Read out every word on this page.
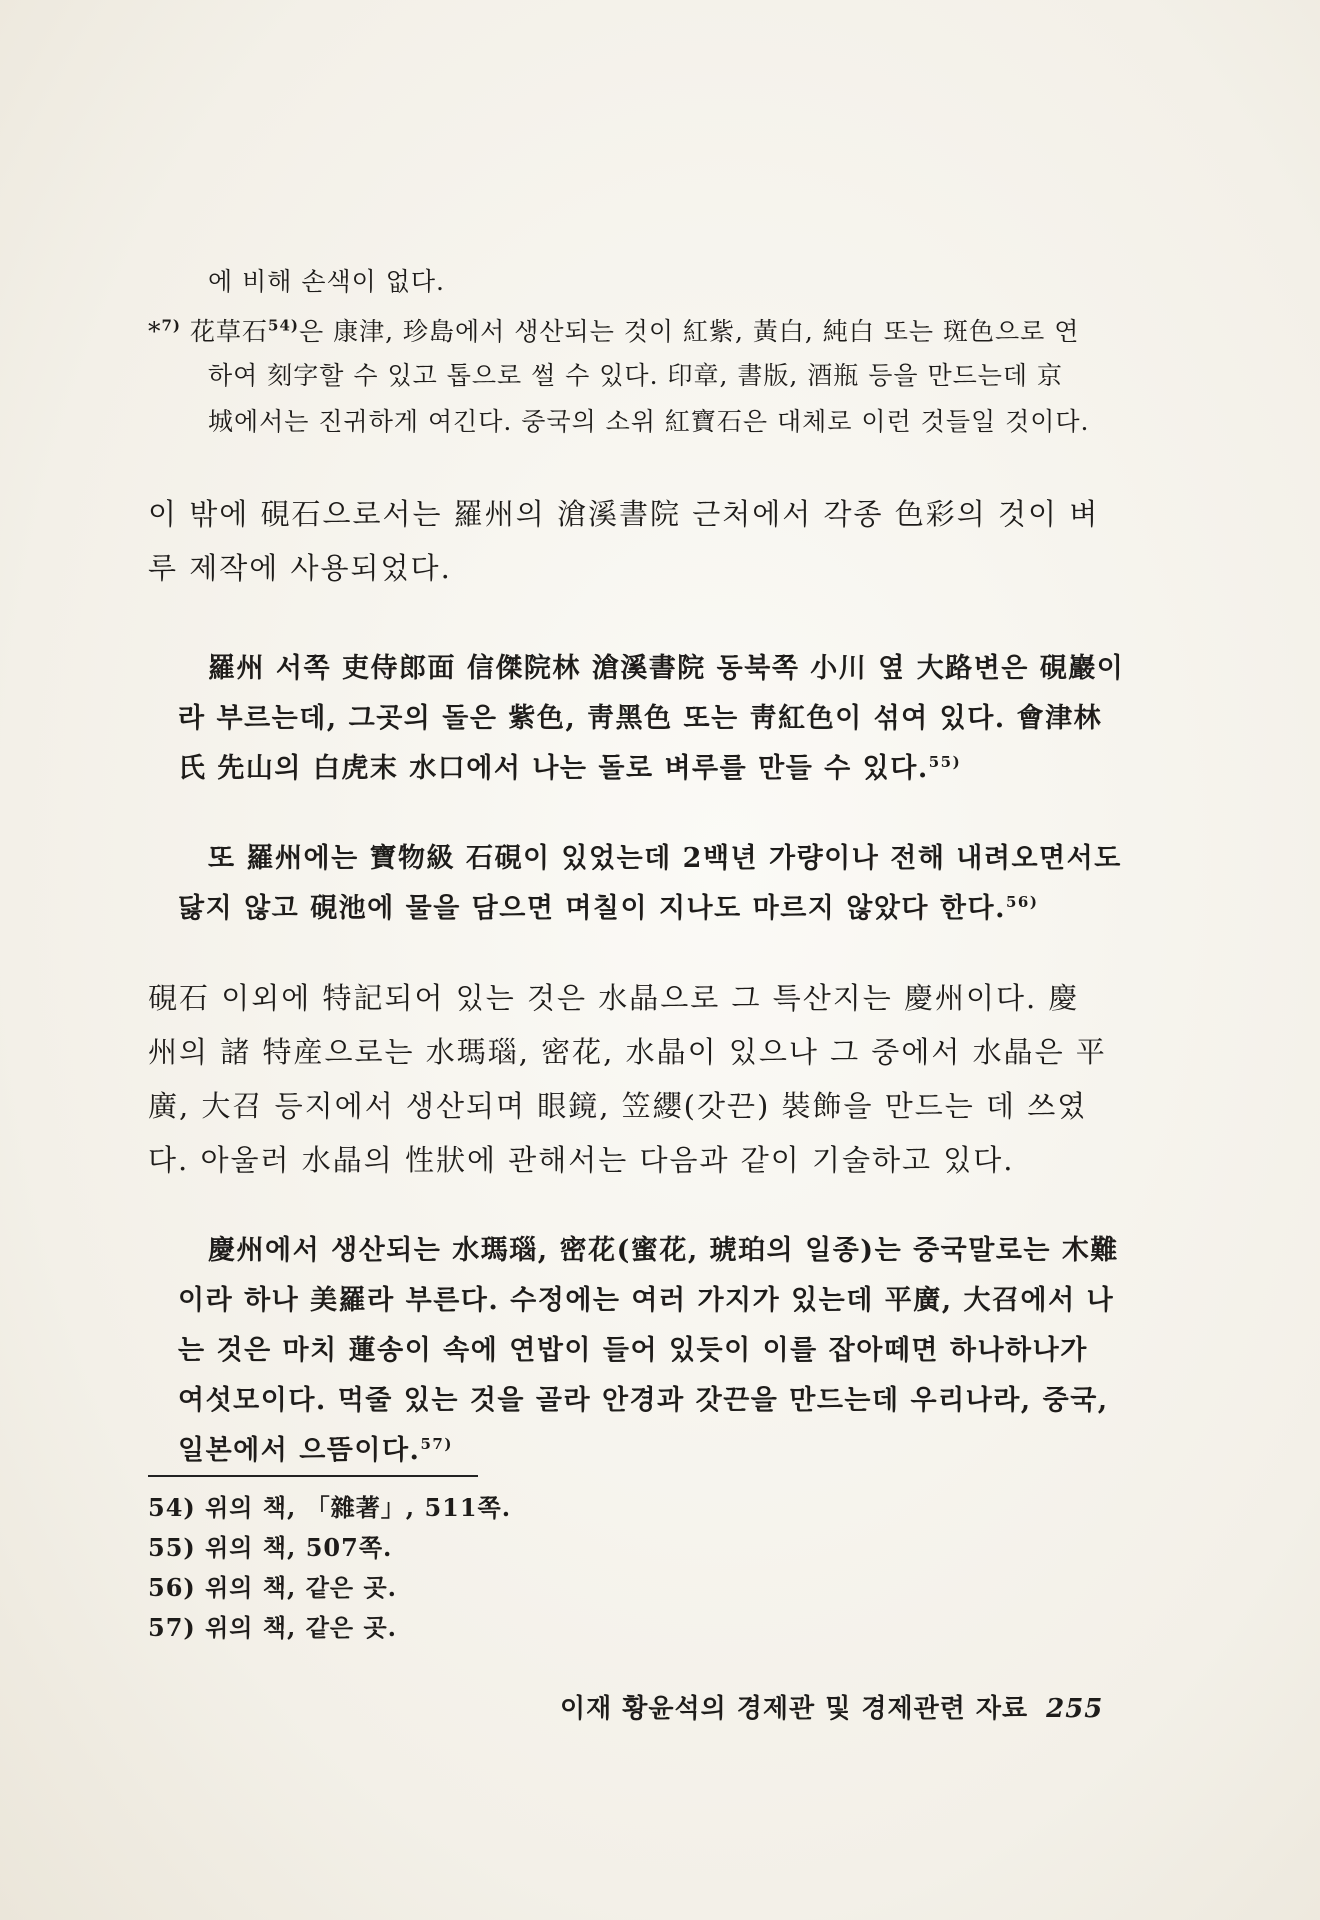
에 비해 손색이 없다.
*$^{7)}$ 花草石$^{54)}$은 康津, 珍島에서 생산되는 것이 紅紫, 黃白, 純白 또는 斑色으로 연
하여 刻字할 수 있고 톱으로 썰 수 있다. 印章, 書版, 酒瓶 등을 만드는데 京
城에서는 진귀하게 여긴다. 중국의 소위 紅寶石은 대체로 이런 것들일 것이다.
이 밖에 硯石으로서는 羅州의 滄溪書院 근처에서 각종 色彩의 것이 벼
루 제작에 사용되었다.
羅州 서쪽 吏侍郎面 信傑院林 滄溪書院 동북쪽 小川 옆 大路변은 硯巖이
라 부르는데, 그곳의 돌은 紫色, 靑黑色 또는 靑紅色이 섞여 있다. 會津林
氏 先山의 白虎末 水口에서 나는 돌로 벼루를 만들 수 있다.$^{55)}$
또 羅州에는 寶物級 石硯이 있었는데 2백년 가량이나 전해 내려오면서도
닳지 않고 硯池에 물을 담으면 며칠이 지나도 마르지 않았다 한다.$^{56)}$
硯石 이외에 特記되어 있는 것은 水晶으로 그 특산지는 慶州이다. 慶
州의 諸 特産으로는 水瑪瑙, 密花, 水晶이 있으나 그 중에서 水晶은 平
廣, 大召 등지에서 생산되며 眼鏡, 笠纓(갓끈) 裝飾을 만드는 데 쓰였
다. 아울러 水晶의 性狀에 관해서는 다음과 같이 기술하고 있다.
慶州에서 생산되는 水瑪瑙, 密花(蜜花, 琥珀의 일종)는 중국말로는 木難
이라 하나 美羅라 부른다. 수정에는 여러 가지가 있는데 平廣, 大召에서 나
는 것은 마치 蓮송이 속에 연밥이 들어 있듯이 이를 잡아떼면 하나하나가
여섯모이다. 먹줄 있는 것을 골라 안경과 갓끈을 만드는데 우리나라, 중국,
일본에서 으뜸이다.$^{57)}$
54) 위의 책, 「雜著」, 511쪽.
55) 위의 책, 507쪽.
56) 위의 책, 같은 곳.
57) 위의 책, 같은 곳.
이재 황윤석의 경제관 및 경제관련 자료 255
